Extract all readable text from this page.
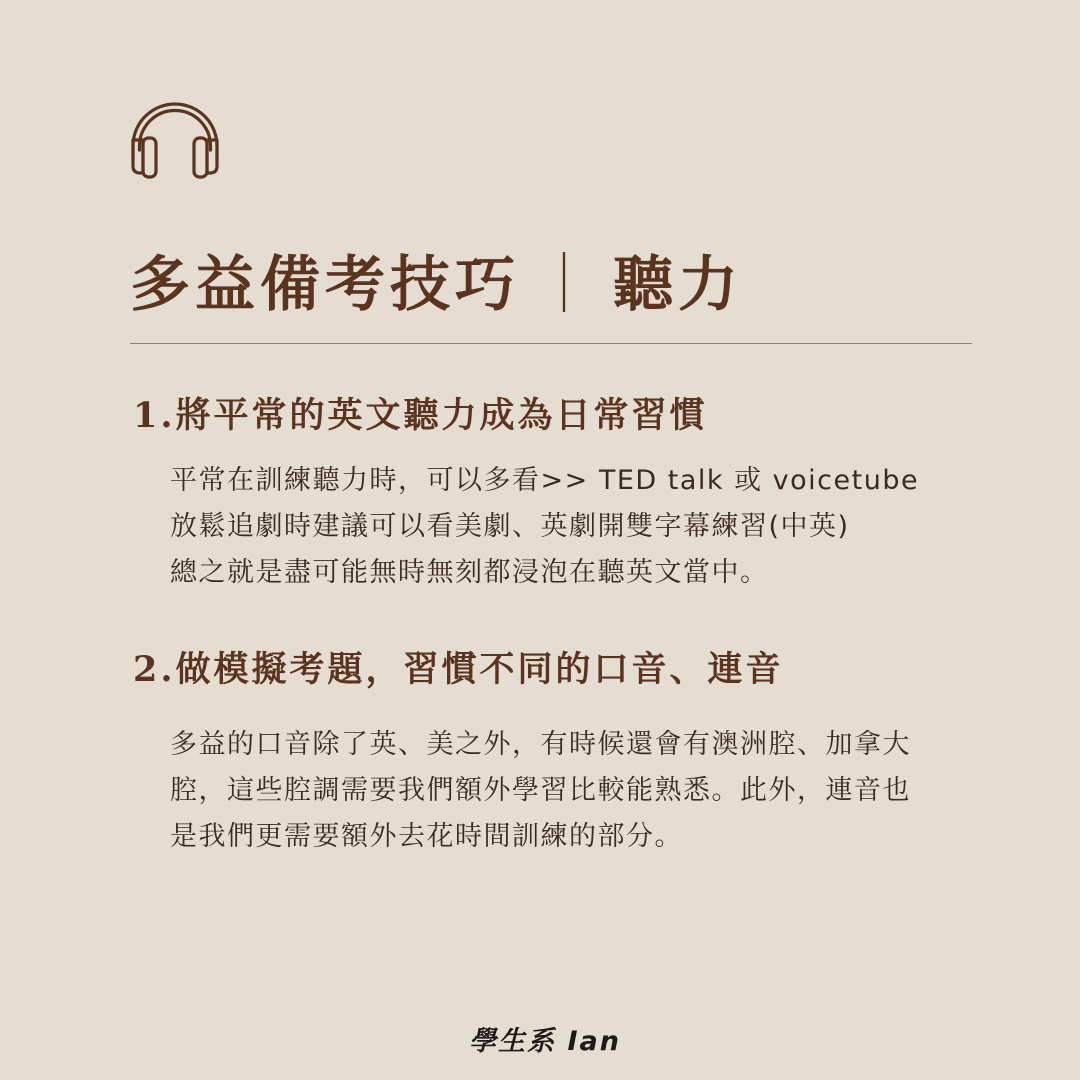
多益備考技巧 ｜ 聽力
1.將平常的英文聽力成為日常習慣

平常在訓練聽力時，可以多看>> TED talk 或 voicetube
放鬆追劇時建議可以看美劇、英劇開雙字幕練習(中英)
總之就是盡可能無時無刻都浸泡在聽英文當中。

2.做模擬考題，習慣不同的口音、連音

多益的口音除了英、美之外，有時候還會有澳洲腔、加拿大
腔，這些腔調需要我們額外學習比較能熟悉。此外，連音也
是我們更需要額外去花時間訓練的部分。

學生系 Ian
